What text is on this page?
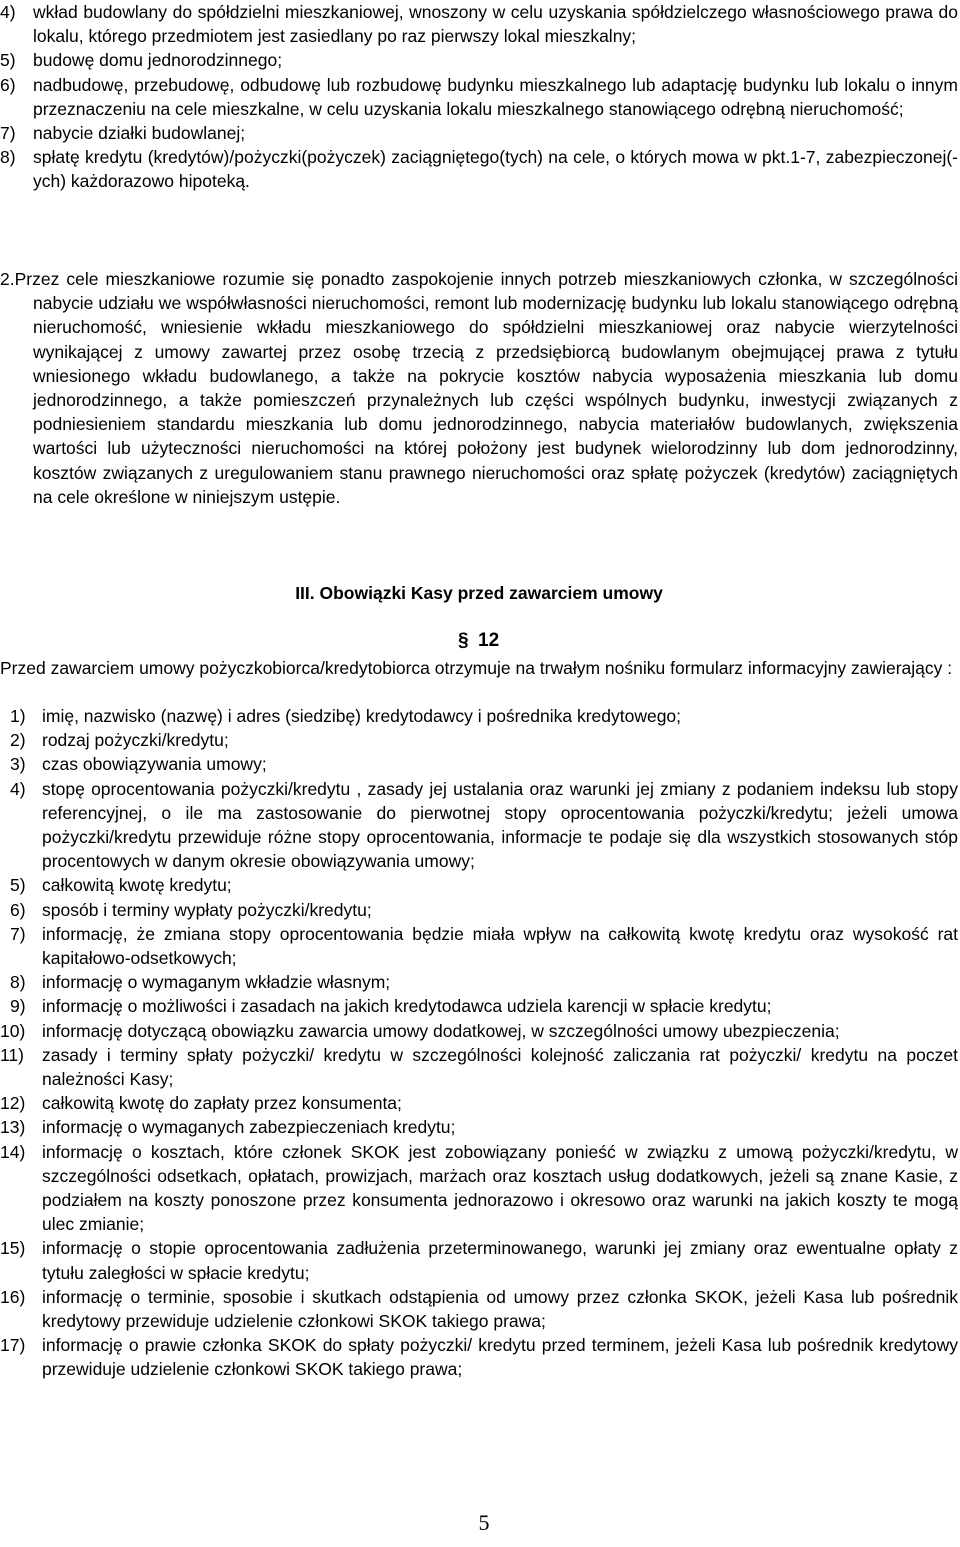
4) wkład budowlany do spółdzielni mieszkaniowej, wnoszony w celu uzyskania spółdzielczego własnościowego prawa do lokalu, którego przedmiotem jest zasiedlany po raz pierwszy lokal mieszkalny;
5) budowę domu jednorodzinnego;
6) nadbudowę, przebudowę, odbudowę lub rozbudowę budynku mieszkalnego lub adaptację budynku lub lokalu o innym przeznaczeniu na cele mieszkalne, w celu uzyskania lokalu mieszkalnego stanowiącego odrębną nieruchomość;
7) nabycie działki budowlanej;
8) spłatę kredytu (kredytów)/pożyczki(pożyczek) zaciągniętego(tych) na cele, o których mowa w pkt.1-7, zabezpieczonej(-ych) każdorazowo hipoteką.
2.Przez cele mieszkaniowe rozumie się ponadto zaspokojenie innych potrzeb mieszkaniowych członka, w szczególności nabycie udziału we współwłasności nieruchomości, remont lub modernizację budynku lub lokalu stanowiącego odrębną nieruchomość, wniesienie wkładu mieszkaniowego do spółdzielni mieszkaniowej oraz nabycie wierzytelności wynikającej z umowy zawartej przez osobę trzecią z przedsiębiorcą budowlanym obejmującej prawa z tytułu wniesionego wkładu budowlanego, a także na pokrycie kosztów nabycia wyposażenia mieszkania lub domu jednorodzinnego, a także pomieszczeń przynależnych lub części wspólnych budynku, inwestycji związanych z podniesieniem standardu mieszkania lub domu jednorodzinnego, nabycia materiałów budowlanych, zwiększenia wartości lub użyteczności nieruchomości na której położony jest budynek wielorodzinny lub dom jednorodzinny, kosztów związanych z uregulowaniem stanu prawnego nieruchomości oraz spłatę pożyczek (kredytów) zaciągniętych na cele określone w niniejszym ustępie.
III. Obowiązki Kasy przed zawarciem umowy
§ 12
Przed zawarciem umowy pożyczkobiorca/kredytobiorca otrzymuje na trwałym nośniku formularz informacyjny zawierający :
1) imię, nazwisko (nazwę) i adres (siedzibę) kredytodawcy i pośrednika kredytowego;
2) rodzaj pożyczki/kredytu;
3) czas obowiązywania umowy;
4) stopę oprocentowania pożyczki/kredytu , zasady jej ustalania oraz warunki jej zmiany z podaniem indeksu lub stopy referencyjnej, o ile ma zastosowanie do pierwotnej stopy oprocentowania pożyczki/kredytu; jeżeli umowa pożyczki/kredytu przewiduje różne stopy oprocentowania, informacje te podaje się dla wszystkich stosowanych stóp procentowych w danym okresie obowiązywania umowy;
5) całkowitą kwotę kredytu;
6) sposób i terminy wypłaty pożyczki/kredytu;
7) informację, że zmiana stopy oprocentowania będzie miała wpływ na całkowitą kwotę kredytu oraz wysokość rat kapitałowo-odsetkowych;
8) informację o wymaganym wkładzie własnym;
9) informację o możliwości i zasadach na jakich kredytodawca udziela karencji w spłacie kredytu;
10) informację dotyczącą obowiązku zawarcia umowy dodatkowej, w szczególności umowy ubezpieczenia;
11) zasady i terminy spłaty pożyczki/ kredytu w szczególności kolejność zaliczania rat pożyczki/ kredytu na poczet należności Kasy;
12) całkowitą kwotę do zapłaty przez konsumenta;
13) informację o wymaganych zabezpieczeniach kredytu;
14) informację o kosztach, które członek SKOK jest zobowiązany ponieść w związku z umową pożyczki/kredytu, w szczególności odsetkach, opłatach, prowizjach, marżach oraz kosztach usług dodatkowych, jeżeli są znane Kasie, z podziałem na koszty ponoszone przez konsumenta jednorazowo i okresowo oraz warunki na jakich koszty te mogą ulec zmianie;
15) informację o stopie oprocentowania zadłużenia przeterminowanego, warunki jej zmiany oraz ewentualne opłaty z tytułu zaległości w spłacie kredytu;
16) informację o terminie, sposobie i skutkach odstąpienia od umowy przez członka SKOK, jeżeli Kasa lub pośrednik kredytowy przewiduje udzielenie członkowi SKOK takiego prawa;
17) informację o prawie członka SKOK do spłaty pożyczki/ kredytu przed terminem, jeżeli Kasa lub pośrednik kredytowy przewiduje udzielenie członkowi SKOK takiego prawa;
5
